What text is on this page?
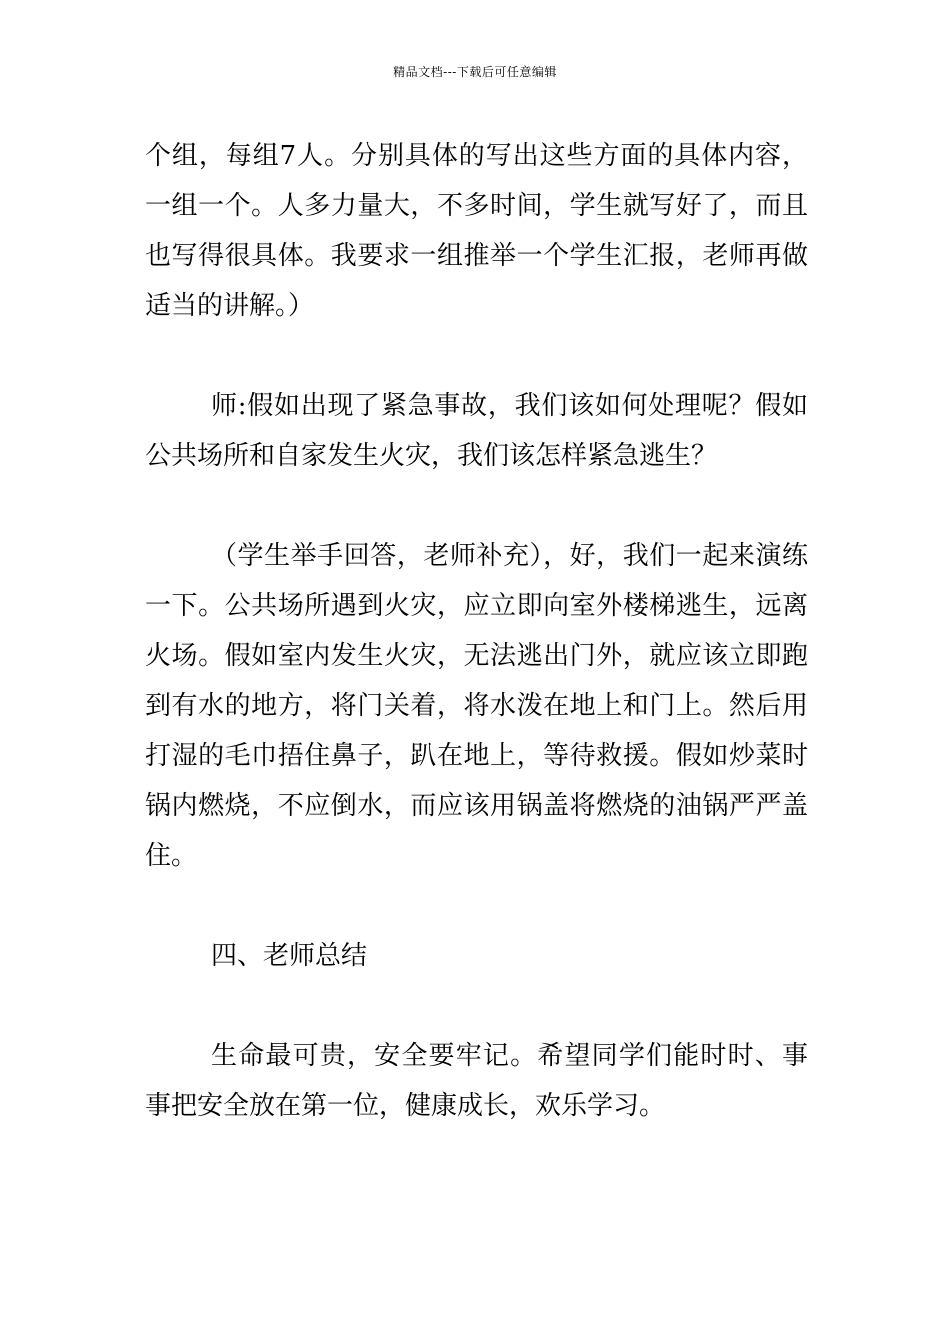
精品文档---下载后可任意编辑

个组，每组7人。分别具体的写出这些方面的具体内容，一组一个。人多力量大，不多时间，学生就写好了，而且也写得很具体。我要求一组推举一个学生汇报，老师再做适当的讲解。）

师:假如出现了紧急事故，我们该如何处理呢？假如公共场所和自家发生火灾，我们该怎样紧急逃生？

（学生举手回答，老师补充），好，我们一起来演练一下。公共场所遇到火灾，应立即向室外楼梯逃生，远离火场。假如室内发生火灾，无法逃出门外，就应该立即跑到有水的地方，将门关着，将水泼在地上和门上。然后用打湿的毛巾捂住鼻子，趴在地上，等待救援。假如炒菜时锅内燃烧，不应倒水，而应该用锅盖将燃烧的油锅严严盖住。

四、老师总结

生命最可贵，安全要牢记。希望同学们能时时、事事把安全放在第一位，健康成长，欢乐学习。
